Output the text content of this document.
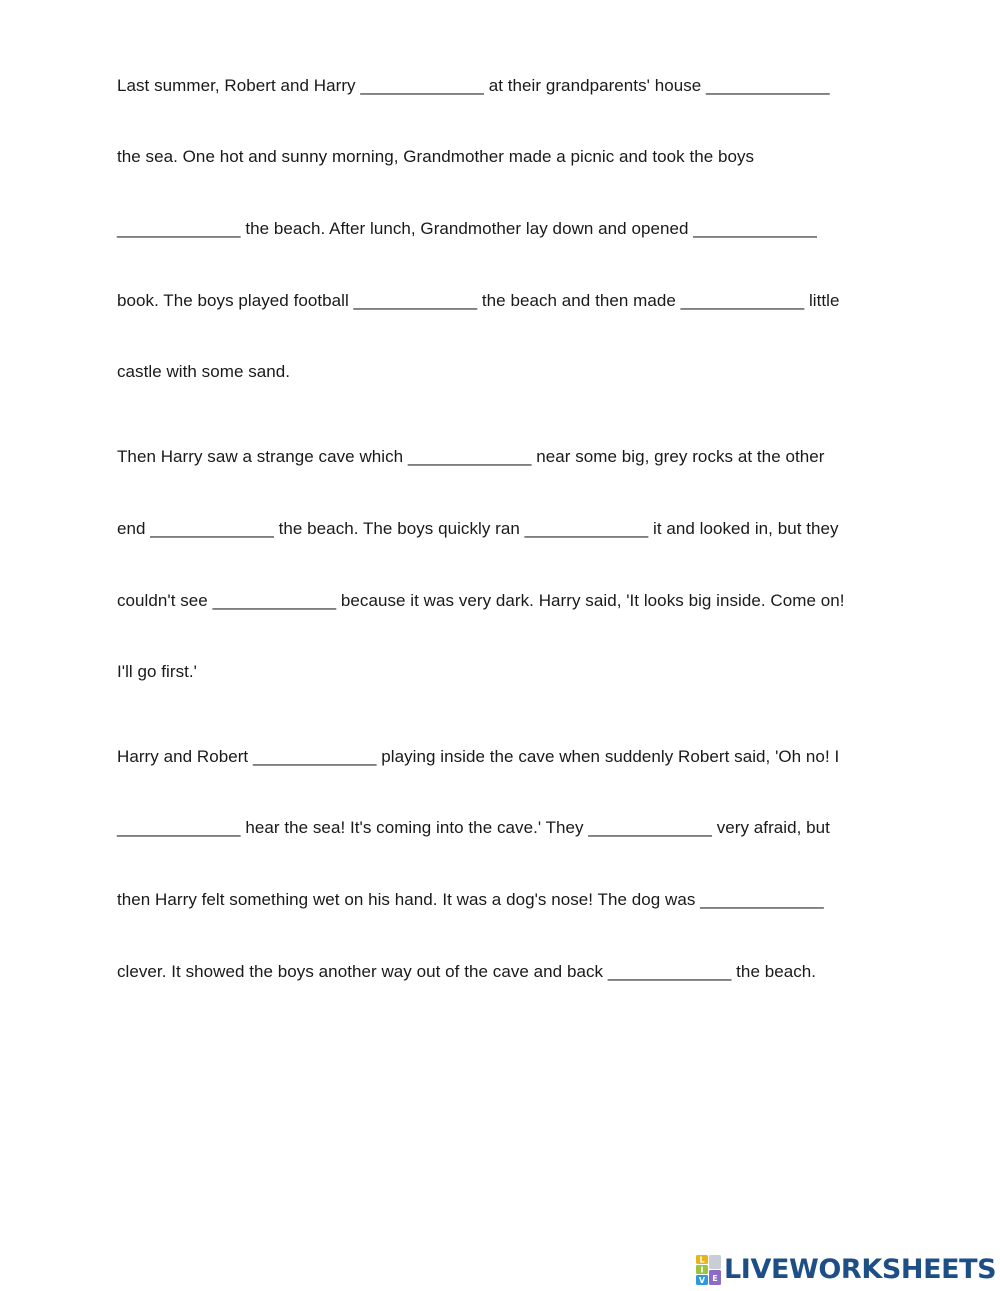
Last summer, Robert and Harry _____________ at their grandparents' house _____________

the sea. One hot and sunny morning, Grandmother made a picnic and took the boys

_____________ the beach. After lunch, Grandmother lay down and opened _____________

book. The boys played football _____________ the beach and then made _____________ little

castle with some sand.

Then Harry saw a strange cave which _____________ near some big, grey rocks at the other

end _____________ the beach. The boys quickly ran _____________ it and looked in, but they

couldn't see _____________ because it was very dark. Harry said, 'It looks big inside. Come on!

I'll go first.'

Harry and Robert _____________ playing inside the cave when suddenly Robert said, 'Oh no! I

_____________ hear the sea! It's coming into the cave.' They _____________ very afraid, but

then Harry felt something wet on his hand. It was a dog's nose! The dog was _____________

clever. It showed the boys another way out of the cave and back _____________ the beach.

L
I
V E LIVEWORKSHEETS
